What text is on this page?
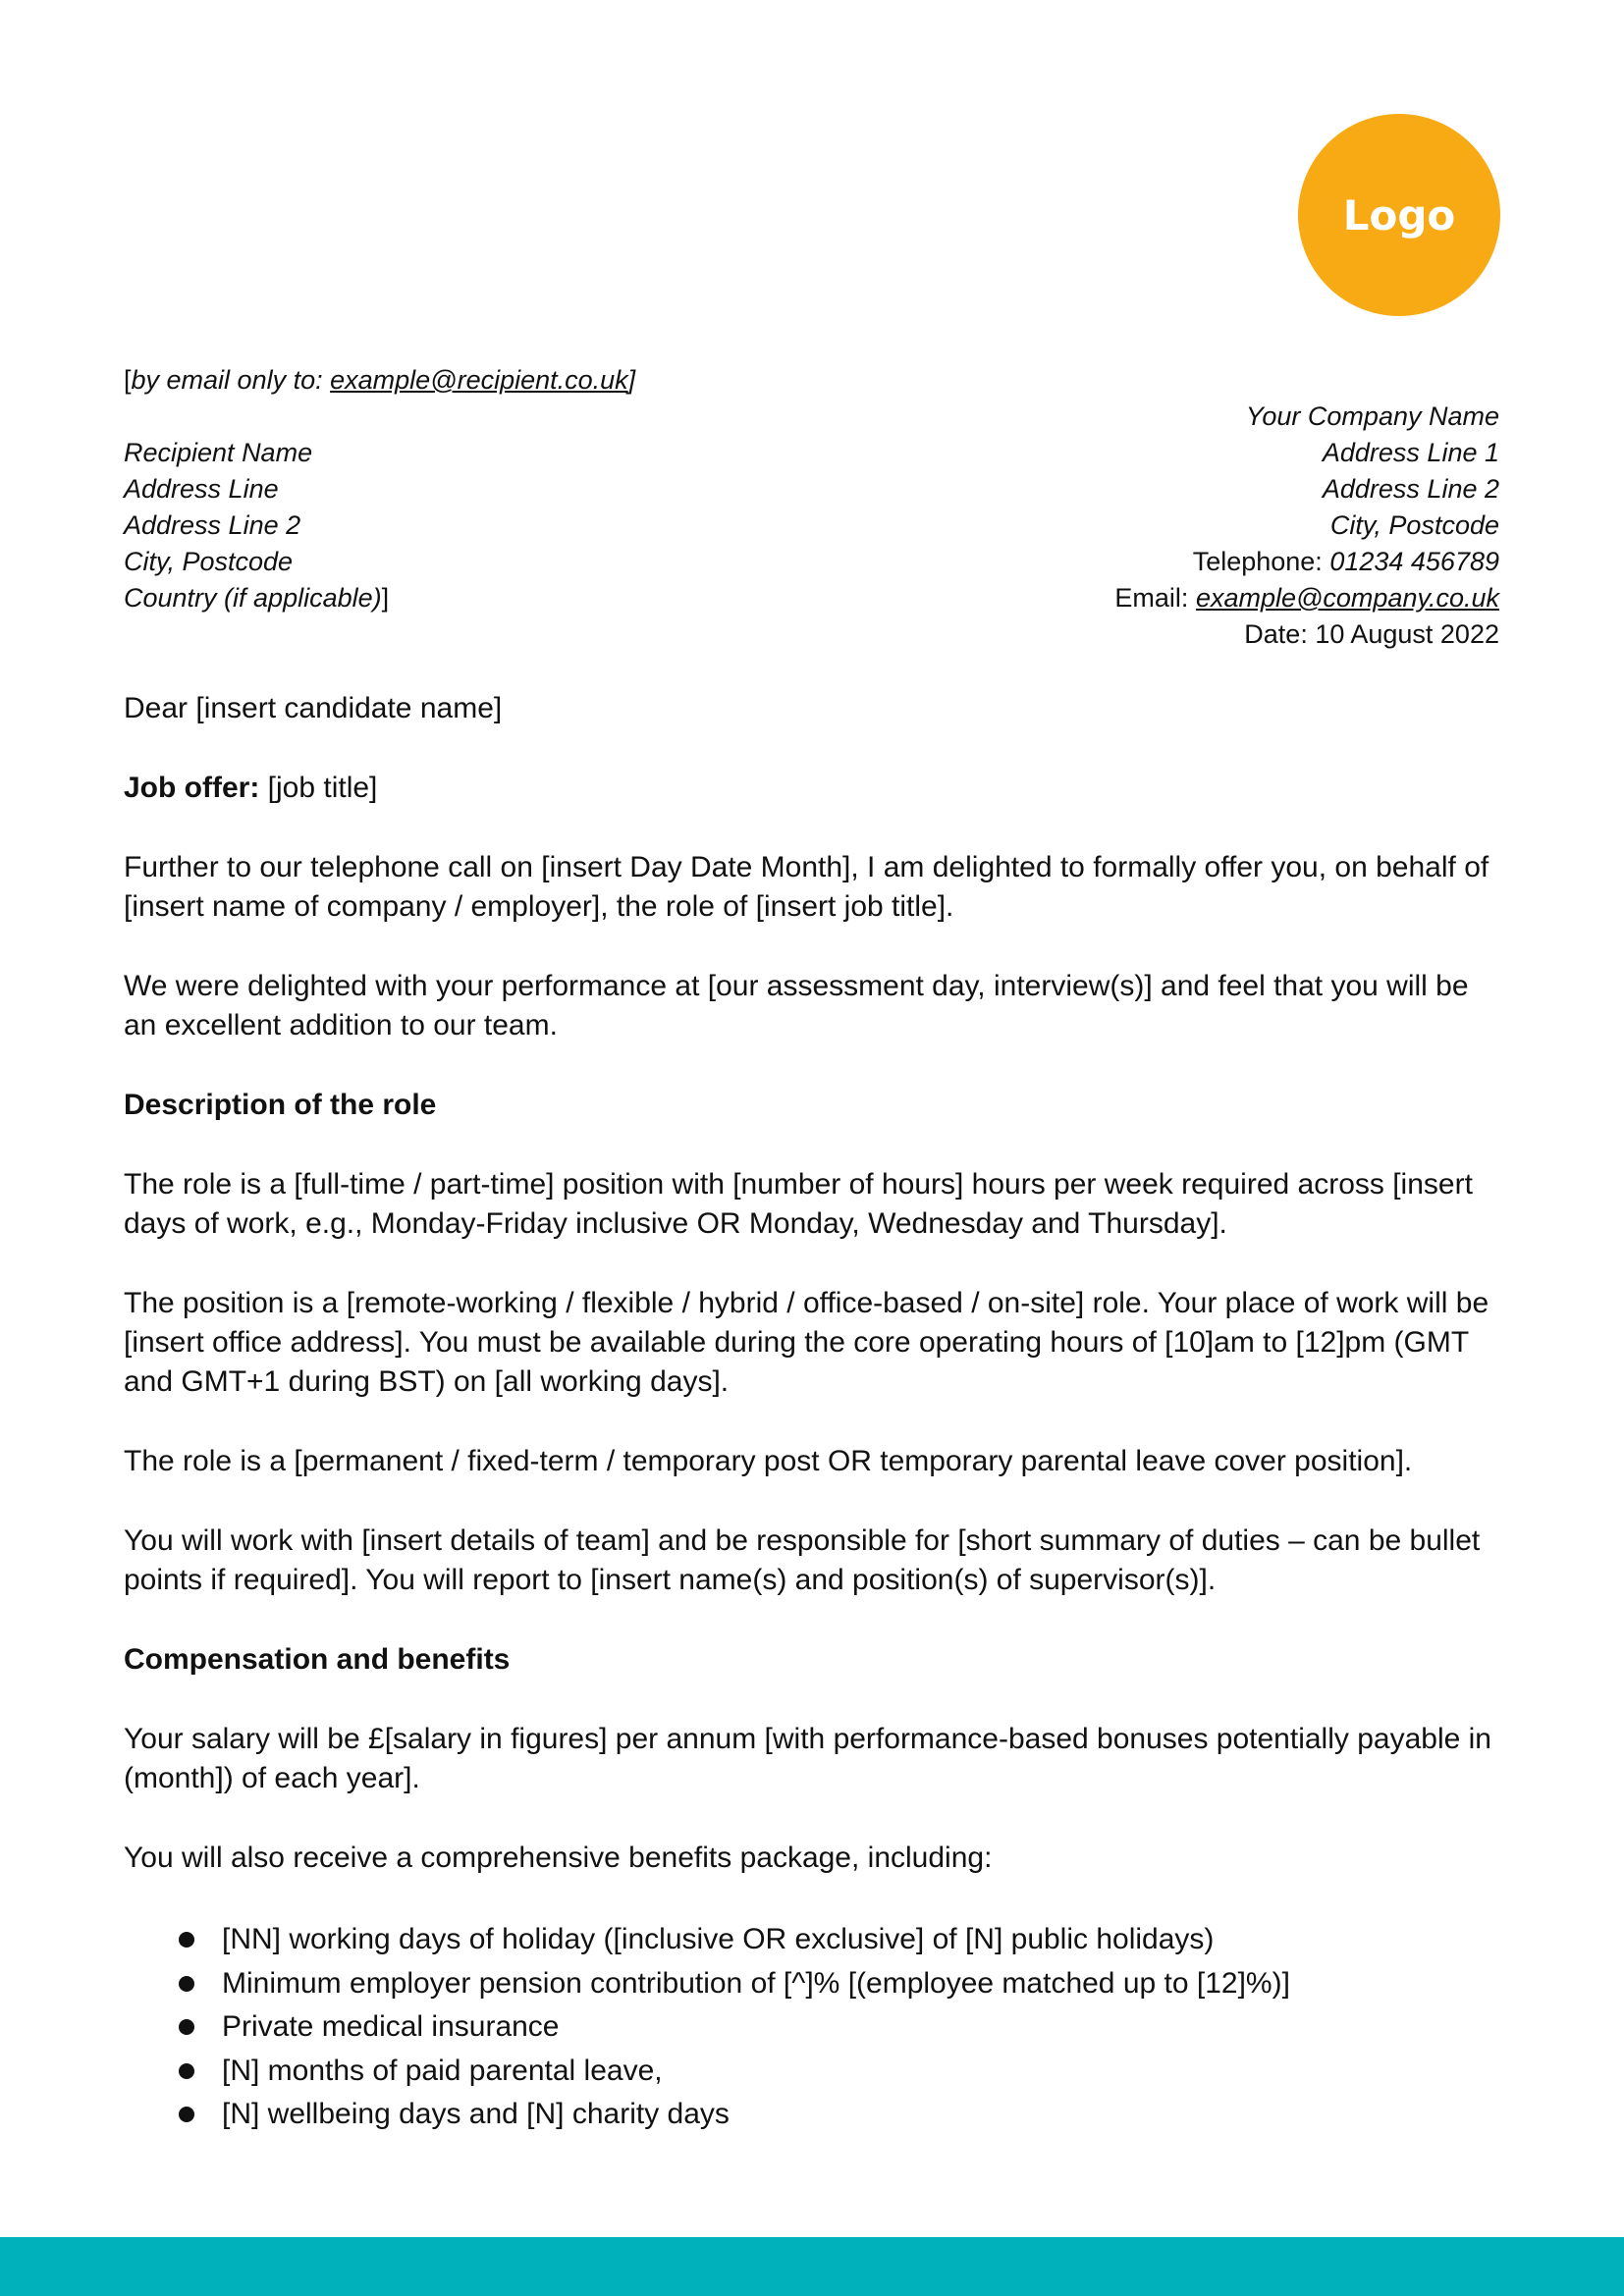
Logo
[by email only to: example@recipient.co.uk]
Recipient Name
Address Line
Address Line 2
City, Postcode
Country (if applicable)]
Your Company Name
Address Line 1
Address Line 2
City, Postcode
Telephone: 01234 456789
Email: example@company.co.uk
Date: 10 August 2022

Dear [insert candidate name]

Job offer: [job title]

Further to our telephone call on [insert Day Date Month], I am delighted to formally offer you, on behalf of [insert name of company / employer], the role of [insert job title].

We were delighted with your performance at [our assessment day, interview(s)] and feel that you will be an excellent addition to our team.

Description of the role

The role is a [full-time / part-time] position with [number of hours] hours per week required across [insert days of work, e.g., Monday-Friday inclusive OR Monday, Wednesday and Thursday].

The position is a [remote-working / flexible / hybrid / office-based / on-site] role. Your place of work will be [insert office address]. You must be available during the core operating hours of [10]am to [12]pm (GMT and GMT+1 during BST) on [all working days].

The role is a [permanent / fixed-term / temporary post OR temporary parental leave cover position].

You will work with [insert details of team] and be responsible for [short summary of duties – can be bullet points if required]. You will report to [insert name(s) and position(s) of supervisor(s)].

Compensation and benefits

Your salary will be £[salary in figures] per annum [with performance-based bonuses potentially payable in (month]) of each year].

You will also receive a comprehensive benefits package, including:

[NN] working days of holiday ([inclusive OR exclusive] of [N] public holidays)
Minimum employer pension contribution of [^]% [(employee matched up to [12]%)]
Private medical insurance
[N] months of paid parental leave,
[N] wellbeing days and [N] charity days
